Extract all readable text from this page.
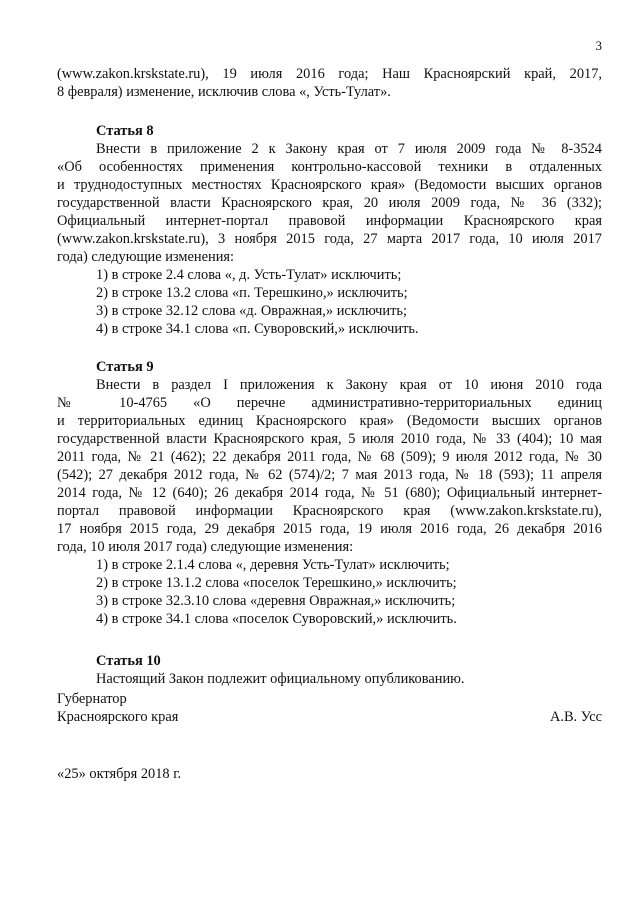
3

(www.zakon.krskstate.ru), 19 июля 2016 года; Наш Красноярский край, 2017,

8 февраля) изменение, исключив слова «, Усть-Тулат».

Статья 8

Внести в приложение 2 к Закону края от 7 июля 2009 года № 8-3524

«Об особенностях применения контрольно-кассовой техники в отдаленных

и труднодоступных местностях Красноярского края» (Ведомости высших органов

государственной власти Красноярского края, 20 июля 2009 года, № 36 (332);

Официальный интернет-портал правовой информации Красноярского края

(www.zakon.krskstate.ru), 3 ноября 2015 года, 27 марта 2017 года, 10 июля 2017

года) следующие изменения:

1) в строке 2.4 слова «, д. Усть-Тулат» исключить;

2) в строке 13.2 слова «п. Терешкино,» исключить;

3) в строке 32.12 слова «д. Овражная,» исключить;

4) в строке 34.1 слова «п. Суворовский,» исключить.

Статья 9

Внести в раздел I приложения к Закону края от 10 июня 2010 года

№ 10-4765 «О перечне административно-территориальных единиц

и территориальных единиц Красноярского края» (Ведомости высших органов

государственной власти Красноярского края, 5 июля 2010 года, № 33 (404); 10 мая

2011 года, № 21 (462); 22 декабря 2011 года, № 68 (509); 9 июля 2012 года, № 30

(542); 27 декабря 2012 года, № 62 (574)/2; 7 мая 2013 года, № 18 (593); 11 апреля

2014 года, № 12 (640); 26 декабря 2014 года, № 51 (680); Официальный интернет-

портал правовой информации Красноярского края (www.zakon.krskstate.ru),

17 ноября 2015 года, 29 декабря 2015 года, 19 июля 2016 года, 26 декабря 2016

года, 10 июля 2017 года) следующие изменения:

1) в строке 2.1.4 слова «, деревня Усть-Тулат» исключить;

2) в строке 13.1.2 слова «поселок Терешкино,» исключить;

3) в строке 32.3.10 слова «деревня Овражная,» исключить;

4) в строке 34.1 слова «поселок Суворовский,» исключить.

Статья 10

Настоящий Закон подлежит официальному опубликованию.

Губернатор

Красноярского края	А.В. Усс
«25» октября 2018 г.
